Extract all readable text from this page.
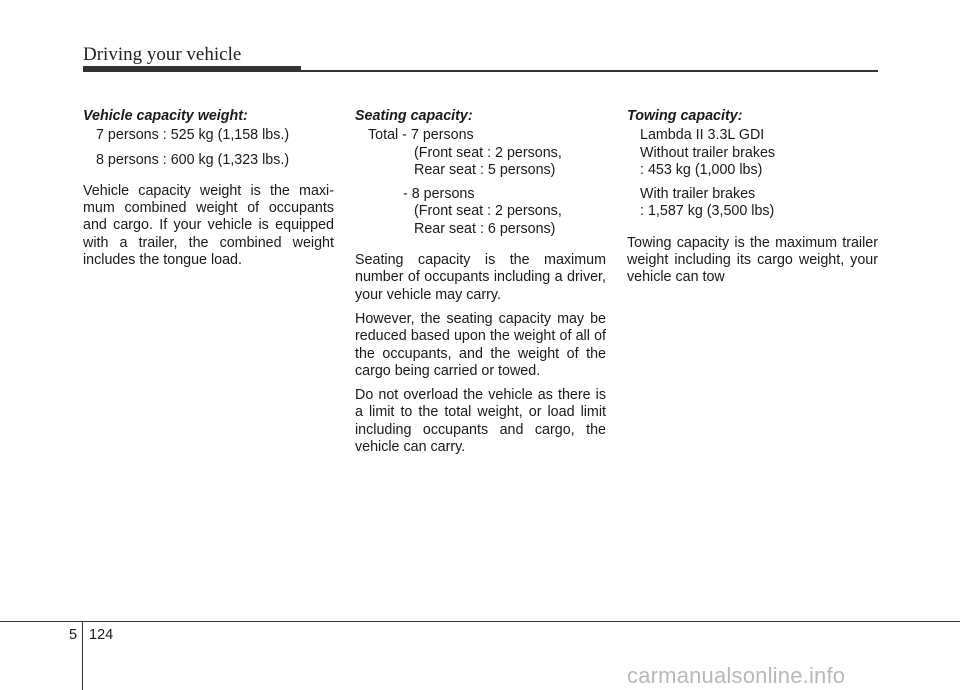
Driving your vehicle
Vehicle capacity weight:
7 persons : 525 kg (1,158 lbs.)
8 persons : 600 kg (1,323 lbs.)

Vehicle capacity weight is the maxi- mum combined weight of occupants and cargo. If your vehicle is equipped with a trailer, the combined weight includes the tongue load.

Seating capacity:
Total - 7 persons
(Front seat : 2 persons,
Rear seat : 5 persons)
- 8 persons
(Front seat : 2 persons,
Rear seat : 6 persons)

Seating capacity is the maximum number of occupants including a driver, your vehicle may carry.

However, the seating capacity may be reduced based upon the weight of all of the occupants, and the weight of the cargo being carried or towed.

Do not overload the vehicle as there is a limit to the total weight, or load limit including occupants and cargo, the vehicle can carry.

Towing capacity:
Lambda II 3.3L GDI
Without trailer brakes
: 453 kg (1,000 lbs)
With trailer brakes
: 1,587 kg (3,500 lbs)

Towing capacity is the maximum trailer weight including its cargo weight, your vehicle can tow

5 124
carmanualsonline.info
